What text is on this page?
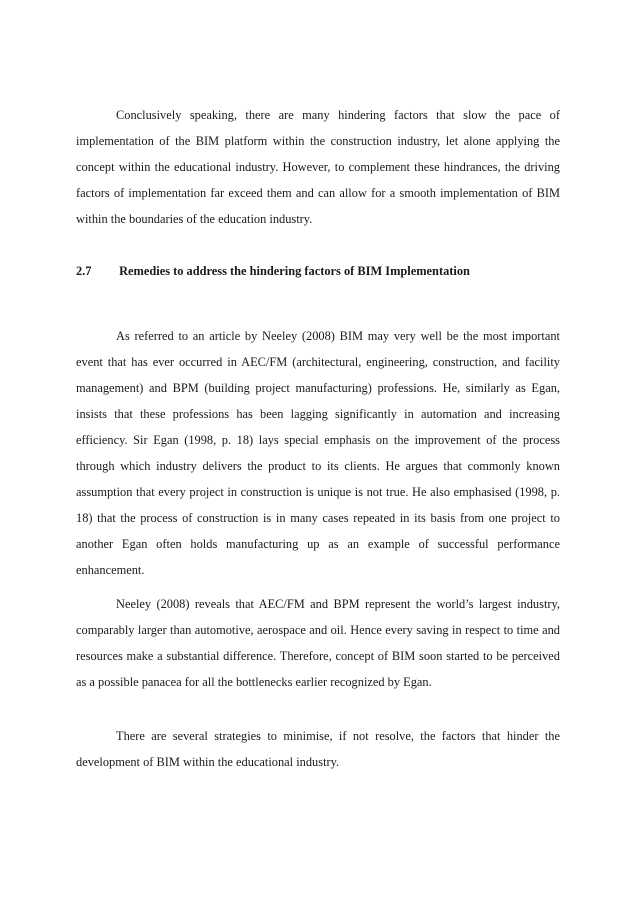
Conclusively speaking, there are many hindering factors that slow the pace of implementation of the BIM platform within the construction industry, let alone applying the concept within the educational industry. However, to complement these hindrances, the driving factors of implementation far exceed them and can allow for a smooth implementation of BIM within the boundaries of the education industry.

2.7 Remedies to address the hindering factors of BIM Implementation

As referred to an article by Neeley (2008) BIM may very well be the most important event that has ever occurred in AEC/FM (architectural, engineering, construction, and facility management) and BPM (building project manufacturing) professions. He, similarly as Egan, insists that these professions has been lagging significantly in automation and increasing efficiency. Sir Egan (1998, p. 18) lays special emphasis on the improvement of the process through which industry delivers the product to its clients. He argues that commonly known assumption that every project in construction is unique is not true. He also emphasised (1998, p. 18) that the process of construction is in many cases repeated in its basis from one project to another Egan often holds manufacturing up as an example of successful performance enhancement.

Neeley (2008) reveals that AEC/FM and BPM represent the world’s largest industry, comparably larger than automotive, aerospace and oil. Hence every saving in respect to time and resources make a substantial difference. Therefore, concept of BIM soon started to be perceived as a possible panacea for all the bottlenecks earlier recognized by Egan.

There are several strategies to minimise, if not resolve, the factors that hinder the development of BIM within the educational industry.
